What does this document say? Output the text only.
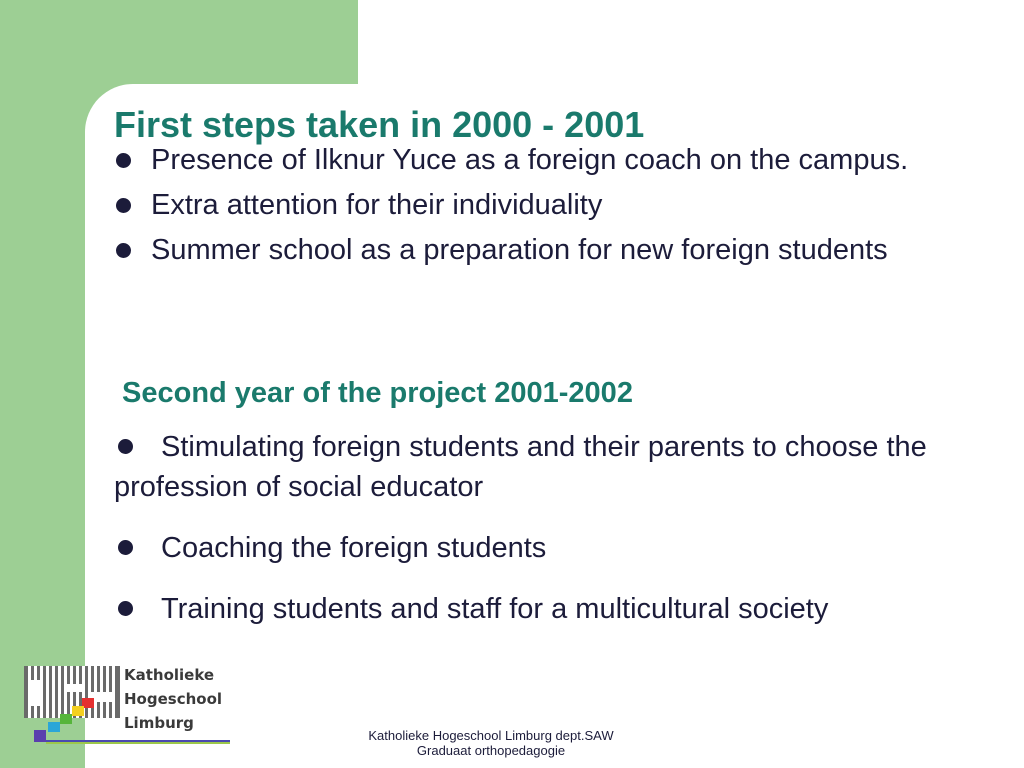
First steps taken in 2000 - 2001
Presence of Ilknur Yuce as a foreign coach on the campus.
Extra attention for their individuality
Summer school as a preparation for new foreign students
Second year of the project 2001-2002
Stimulating foreign students and their parents to choose the profession of social educator
Coaching the foreign students
Training students and staff for a multicultural society
Katholieke
Hogeschool
Limburg
Katholieke Hogeschool Limburg dept.SAW
Graduaat orthopedagogie
